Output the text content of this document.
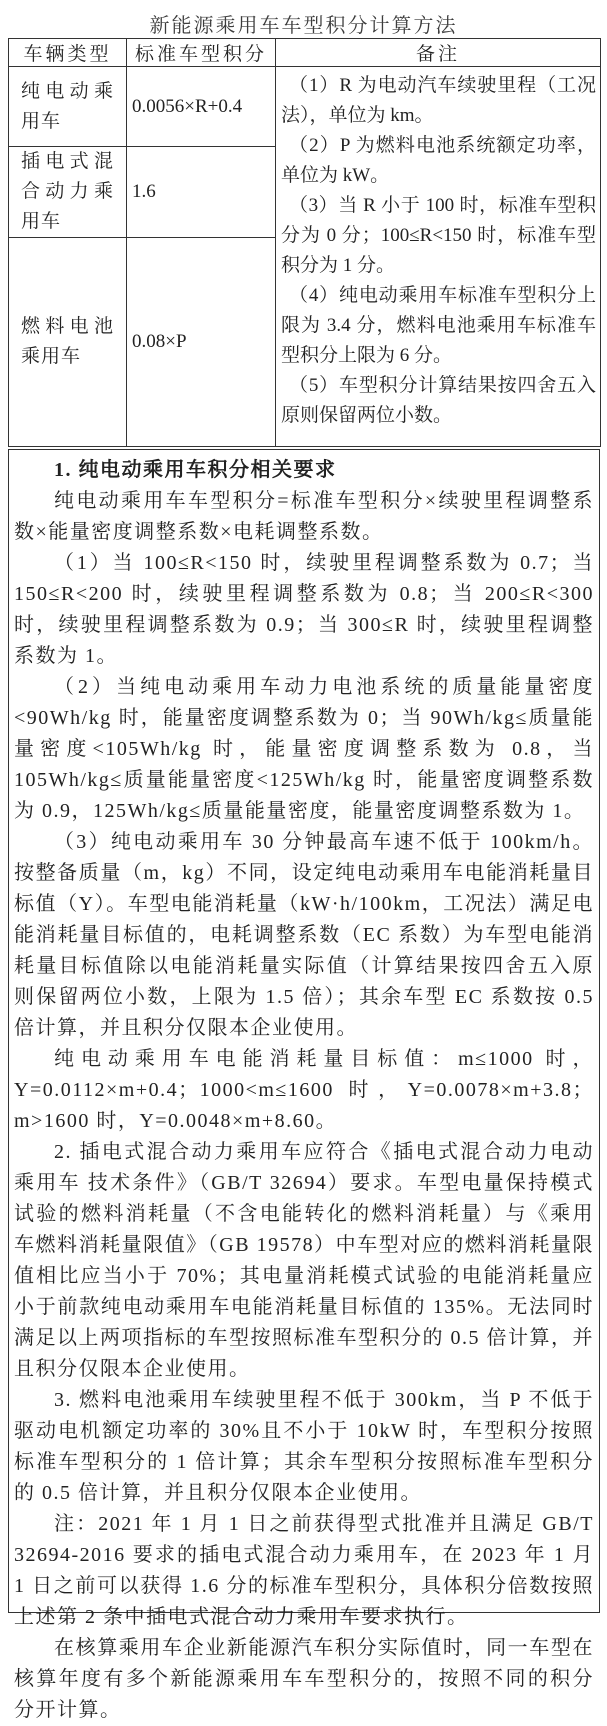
新能源乘用车车型积分计算方法
车辆类型	标准车型积分	备注
纯电动乘用车	0.0056×R+0.4	（1）R 为电动汽车续驶里程（工况法），单位为 km。

（2）P 为燃料电池系统额定功率，单位为 kW。

（3）当 R 小于 100 时，标准车型积分为 0 分；100≤R<150 时，标准车型积分为 1 分。

（4）纯电动乘用车标准车型积分上限为 3.4 分，燃料电池乘用车标准车型积分上限为 6 分。

（5）车型积分计算结果按四舍五入原则保留两位小数。

插电式混合动力乘用车	1.6	
燃料电池乘用车	0.08×P	

1. 纯电动乘用车积分相关要求

纯电动乘用车车型积分=标准车型积分×续驶里程调整系数×能量密度调整系数×电耗调整系数。

（1）当 100≤R<150 时，续驶里程调整系数为 0.7；当 150≤R<200 时，续驶里程调整系数为 0.8；当 200≤R<300 时，续驶里程调整系数为 0.9；当 300≤R 时，续驶里程调整系数为 1。

（2）当纯电动乘用车动力电池系统的质量能量密度<90Wh/kg 时，能量密度调整系数为 0；当 90Wh/kg≤质量能量密度<105Wh/kg 时，能量密度调整系数为 0.8，当 105Wh/kg≤质量能量密度<125Wh/kg 时，能量密度调整系数为 0.9，125Wh/kg≤质量能量密度，能量密度调整系数为 1。

（3）纯电动乘用车 30 分钟最高车速不低于 100km/h。按整备质量（m，kg）不同，设定纯电动乘用车电能消耗量目标值（Y）。车型电能消耗量（kW·h/100km，工况法）满足电能消耗量目标值的，电耗调整系数（EC 系数）为车型电能消耗量目标值除以电能消耗量实际值（计算结果按四舍五入原则保留两位小数，上限为 1.5 倍）；其余车型 EC 系数按 0.5 倍计算，并且积分仅限本企业使用。

纯电动乘用车电能消耗量目标值：m≤1000 时，Y=0.0112×m+0.4；1000<m≤1600 时，Y=0.0078×m+3.8；m>1600 时，Y=0.0048×m+8.60。

2. 插电式混合动力乘用车应符合《插电式混合动力电动乘用车 技术条件》（GB/T 32694）要求。车型电量保持模式试验的燃料消耗量（不含电能转化的燃料消耗量）与《乘用车燃料消耗量限值》（GB 19578）中车型对应的燃料消耗量限值相比应当小于 70%；其电量消耗模式试验的电能消耗量应小于前款纯电动乘用车电能消耗量目标值的 135%。无法同时满足以上两项指标的车型按照标准车型积分的 0.5 倍计算，并且积分仅限本企业使用。

3. 燃料电池乘用车续驶里程不低于 300km，当 P 不低于驱动电机额定功率的 30%且不小于 10kW 时，车型积分按照标准车型积分的 1 倍计算；其余车型积分按照标准车型积分的 0.5 倍计算，并且积分仅限本企业使用。

注：2021 年 1 月 1 日之前获得型式批准并且满足 GB/T 32694-2016 要求的插电式混合动力乘用车，在 2023 年 1 月 1 日之前可以获得 1.6 分的标准车型积分，具体积分倍数按照上述第 2 条中插电式混合动力乘用车要求执行。

在核算乘用车企业新能源汽车积分实际值时，同一车型在核算年度有多个新能源乘用车车型积分的，按照不同的积分分开计算。
